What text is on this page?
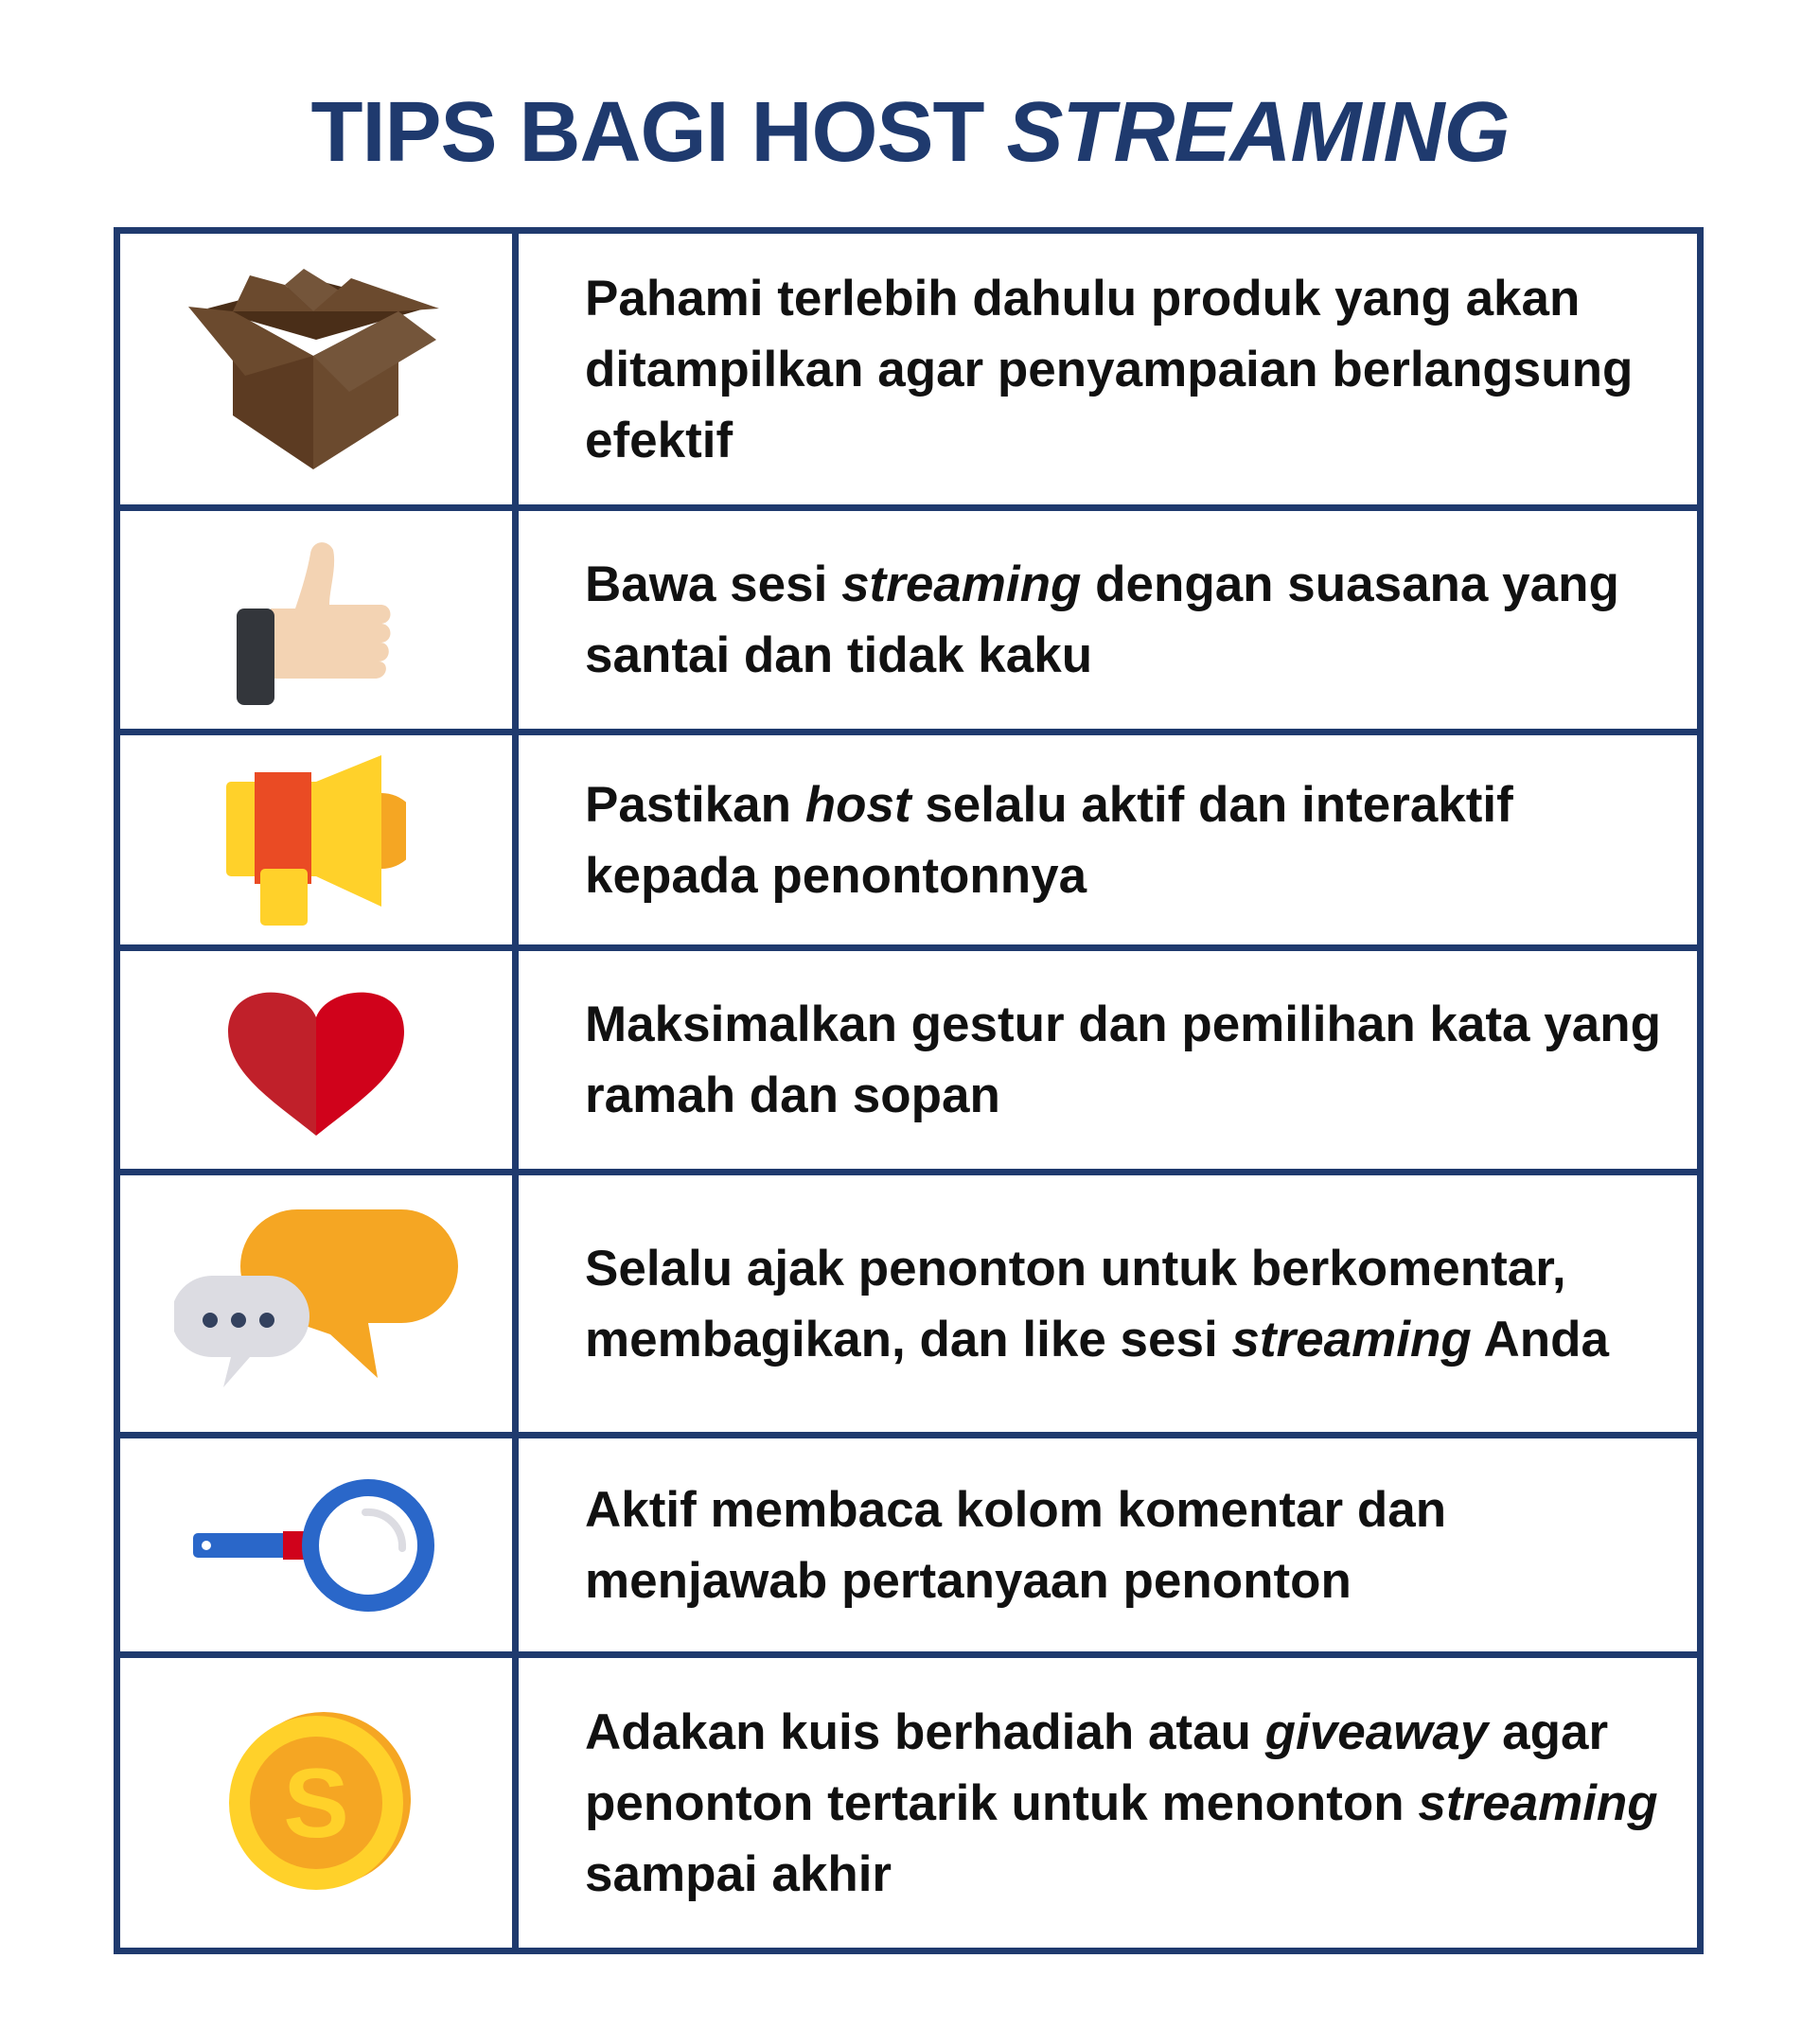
TIPS BAGI HOST STREAMING
Pahami terlebih dahulu produk yang akan ditampilkan agar penyampaian berlangsung efektif
Bawa sesi streaming dengan suasana yang santai dan tidak kaku
Pastikan host selalu aktif dan interaktif kepada penontonnya
Maksimalkan gestur dan pemilihan kata yang ramah dan sopan
Selalu ajak penonton untuk berkomentar, membagikan, dan like sesi streaming Anda
Aktif membaca kolom komentar dan menjawab pertanyaan penonton
S
Adakan kuis berhadiah atau giveaway agar penonton tertarik untuk menonton streaming sampai akhir
